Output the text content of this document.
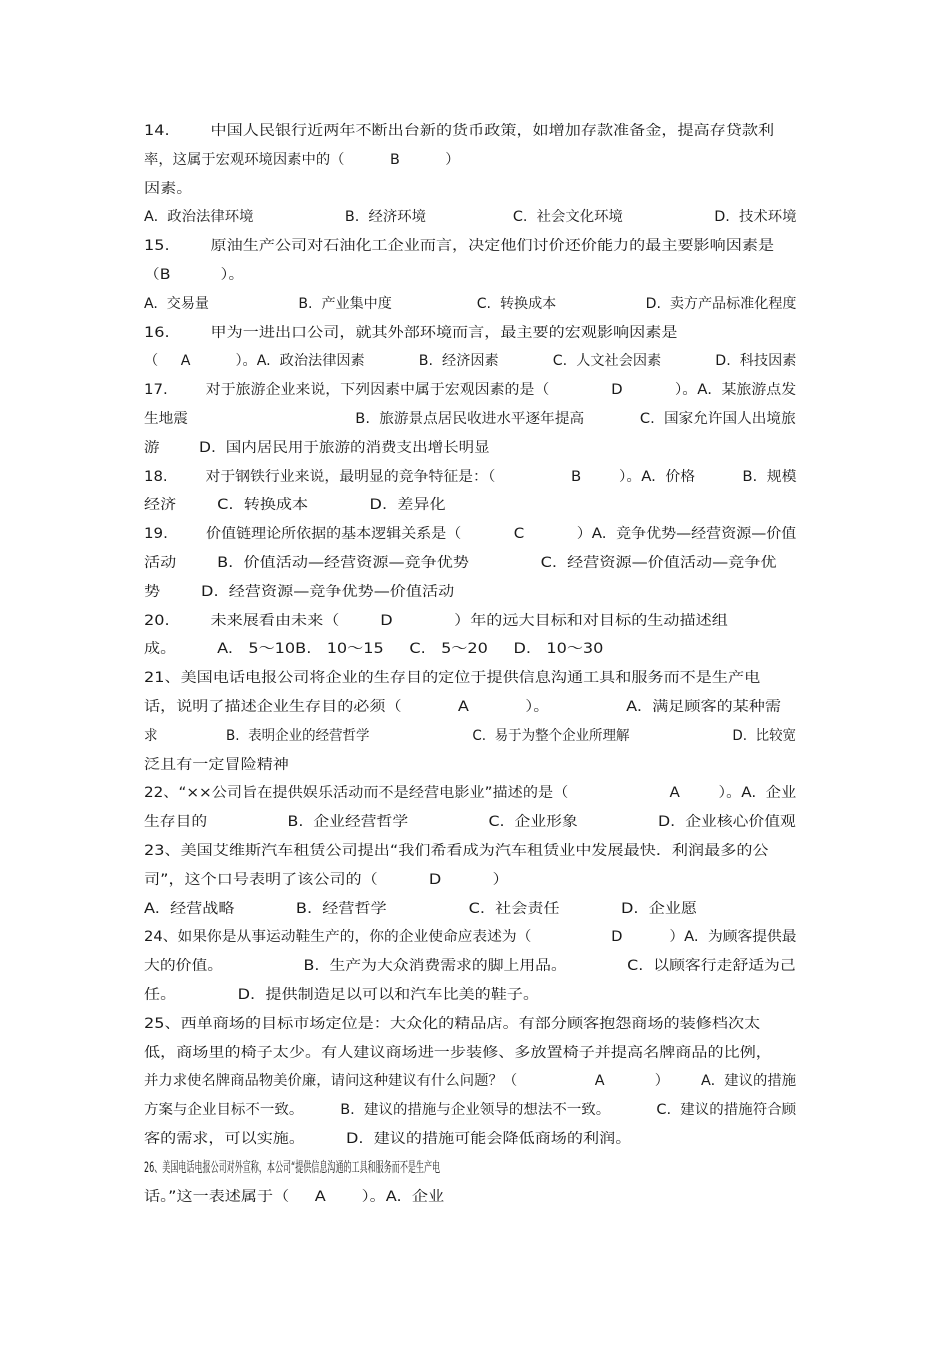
14.        中国人民银行近两年不断出台新的货币政策，如增加存款准备金，提高存贷款利
率，这属于宏观环境因素中的（          B          ）
因素。
A.  政治法律环境                    B.  经济环境                   C.  社会文化环境                    D.  技术环境
15.        原油生产公司对石油化工企业而言，决定他们讨价还价能力的最主要影响因素是
（B          ）。
A.  交易量                    B.  产业集中度                   C.  转换成本                    D.  卖方产品标准化程度
16.        甲为一进出口公司，就其外部环境而言，最主要的宏观影响因素是
（     A          ）。A.  政治法律因素            B.  经济因素            C.  人文社会因素            D.  科技因素
17.        对于旅游企业来说，下列因素中属于宏观因素的是（             D           ）。A.  某旅游点发
生地震                                    B.  旅游景点居民收进水平逐年提高            C.  国家允许国人出境旅
游        D.  国内居民用于旅游的消费支出增长明显
18.        对于钢铁行业来说，最明显的竞争特征是：（                B        ）。A.  价格          B.  规模
经济        C.  转换成本            D.  差异化
19.        价值链理论所依据的基本逻辑关系是（           C           ）A.  竞争优势—经营资源—价值
活动        B.  价值活动—经营资源—竞争优势              C.  经营资源—价值活动—竞争优
势        D.  经营资源—竞争优势—价值活动
20.        未来展看由未来（        D            ）年的远大目标和对目标的生动描述组
成。        A.   5～10B.   10～15     C.   5～20     D.   10～30
21、美国电话电报公司将企业的生存目的定位于提供信息沟通工具和服务而不是生产电
话，说明了描述企业生存目的必须（           A           ）。               A.  满足顾客的某种需
求                B.  表明企业的经营哲学                        C.  易于为整个企业所理解                        D.  比较宽
泛且有一定冒险精神
22、“××公司旨在提供娱乐活动而不是经营电影业”描述的是（                     A        ）。A.  企业
生存目的                B.  企业经营哲学                C.  企业形象                D.  企业核心价值观
23、美国艾维斯汽车租赁公司提出“我们希看成为汽车租赁业中发展最快．利润最多的公
司”，这个口号表明了该公司的（          D          ）
A.  经营战略            B.  经营哲学                C.  社会责任            D.  企业愿
24、如果你是从事运动鞋生产的，你的企业使命应表述为（                 D          ）A.  为顾客提供最
大的价值。                B.  生产为大众消费需求的脚上用品。            C.  以顾客行走舒适为己
任。            D.  提供制造足以可以和汽车比美的鞋子。
25、西单商场的目标市场定位是：大众化的精品店。有部分顾客抱怨商场的装修档次太
低，商场里的椅子太少。有人建议商场进一步装修、多放置椅子并提高名牌商品的比例，
并力求使名牌商品物美价廉，请问这种建议有什么问题？（                 A           ）       A.  建议的措施
方案与企业目标不一致。        B.  建议的措施与企业领导的想法不一致。          C.  建议的措施符合顾
客的需求，可以实施。        D.  建议的措施可能会降低商场的利润。
26、美国电话电报公司对外宣称，本公司“提供信息沟通的工具和服务而不是生产电
话。”这一表述属于（     A       ）。A.  企业
